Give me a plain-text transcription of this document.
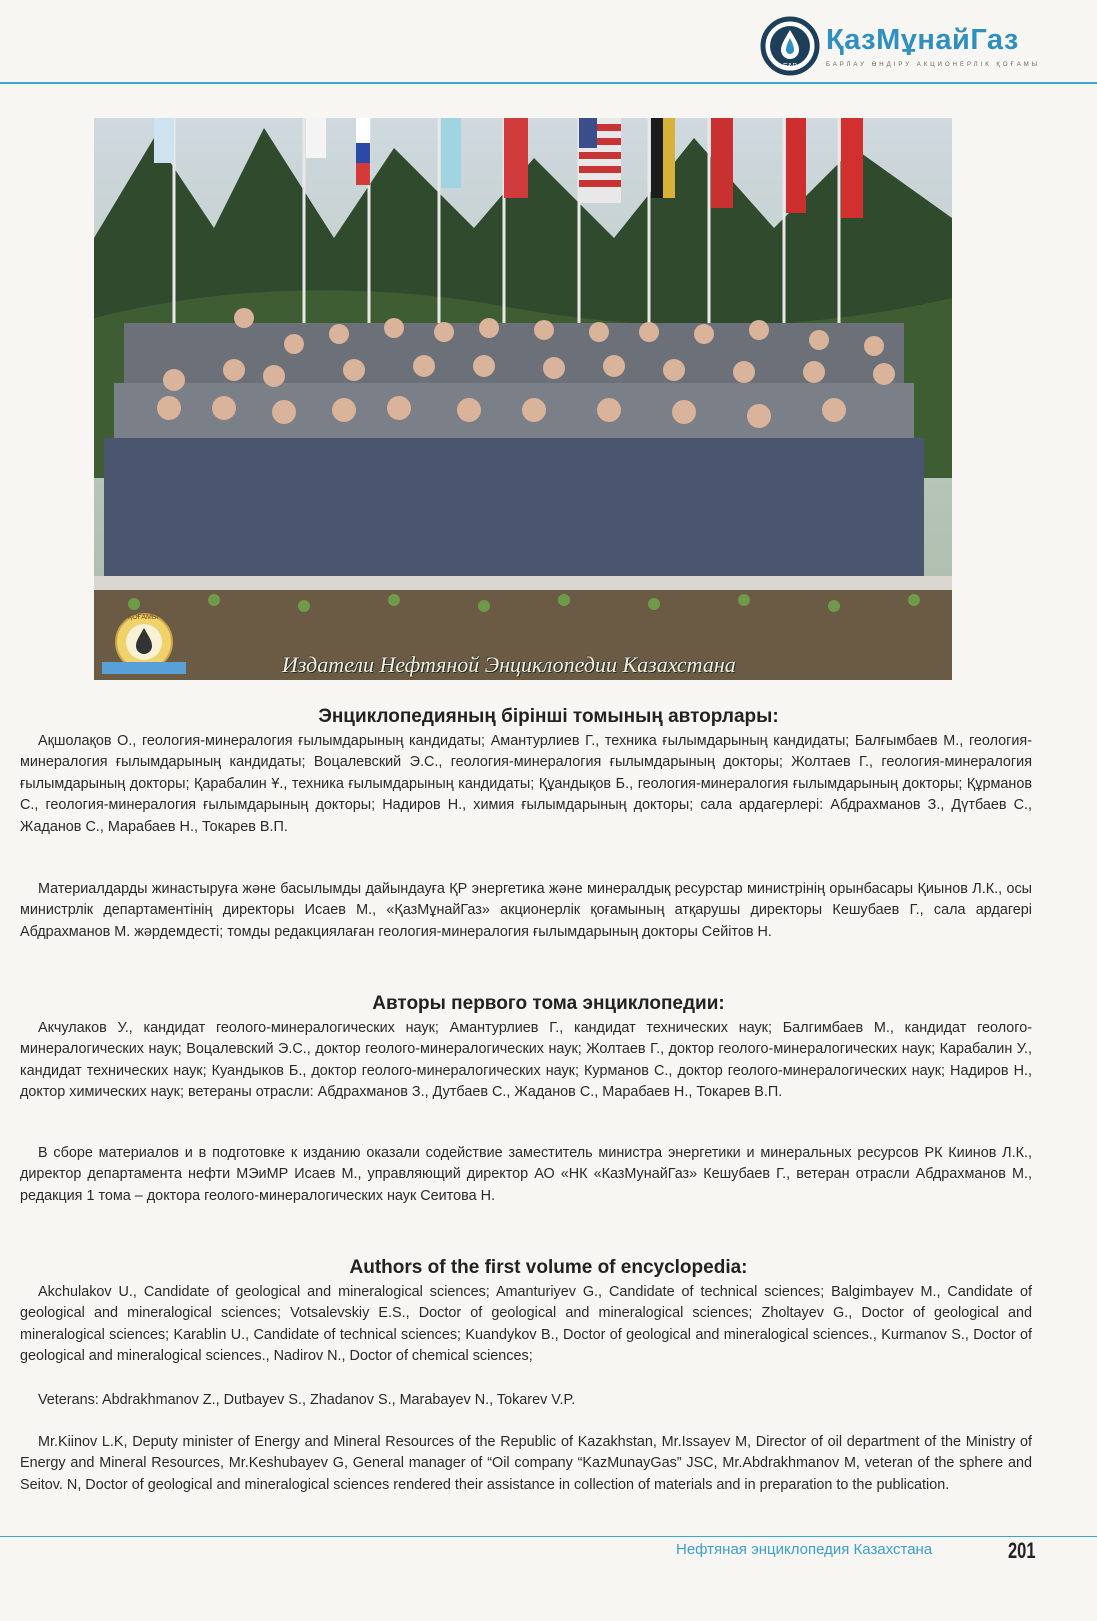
E&P
ҚазМұнайГаз
БАРЛАУ ӨНДІРУ АКЦИОНЕРЛІК ҚОҒАМЫ
ҚОҒАМЫ
Издатели Нефтяной Энциклопедии Казахстана
Энциклопедияның бірінші томының авторлары:
Ақшолақов О., геология-минералогия ғылымдарының кандидаты; Амантурлиев Г., техника ғылымдарының кандидаты; Балғымбаев М., геология-минералогия ғылымдарының кандидаты; Воцалевский Э.С., геология-минералогия ғылымдарының докторы; Жолтаев Г., геология-минералогия ғылымдарының докторы; Қарабалин Ұ., техника ғылымдарының кандидаты; Құандықов Б., геология-минералогия ғылымдарының докторы; Құрманов С., геология-минералогия ғылымдарының докторы; Надиров Н., химия ғылымдарының докторы; сала ардагерлері: Абдрахманов З., Дүтбаев С., Жаданов С., Марабаев Н., Токарев В.П.
Материалдарды жинастыруға және басылымды дайындауға ҚР энергетика және минералдық ресурстар министрінің орынбасары Қиынов Л.К., осы министрлік департаментінің директоры Исаев М., «ҚазМұнайГаз» акционерлік қоғамының атқарушы директоры Кешубаев Г., сала ардагері Абдрахманов М. жәрдемдесті; томды редакциялаған геология-минералогия ғылымдарының докторы Сейітов Н.
Авторы первого тома энциклопедии:
Акчулаков У., кандидат геолого-минералогических наук; Амантурлиев Г., кандидат технических наук; Балгимбаев М., кандидат геолого-минералогических наук; Воцалевский Э.С., доктор геолого-минералогических наук; Жолтаев Г., доктор геолого-минералогических наук; Карабалин У., кандидат технических наук; Куандыков Б., доктор геолого-минералогических наук; Курманов С., доктор геолого-минералогических наук; Надиров Н., доктор химических наук; ветераны отрасли: Абдрахманов З., Дутбаев С., Жаданов С., Марабаев Н., Токарев В.П.
В сборе материалов и в подготовке к изданию оказали содействие заместитель министра энергетики и минеральных ресурсов РК Киинов Л.К., директор департамента нефти МЭиМР Исаев М., управляющий директор АО «НК «КазМунайГаз» Кешубаев Г., ветеран отрасли Абдрахманов М., редакция 1 тома – доктора геолого-минералогических наук Сеитова Н.
Authors of the first volume of encyclopedia:
Akchulakov U., Candidate of geological and mineralogical sciences; Amanturiyev G., Candidate of technical sciences; Balgimbayev M., Candidate of geological and mineralogical sciences; Votsalevskiy E.S., Doctor of geological and mineralogical sciences; Zholtayev G., Doctor of geological and mineralogical sciences; Karablin U., Candidate of technical sciences; Kuandykov B., Doctor of geological and mineralogical sciences., Kurmanov S., Doctor of geological and mineralogical sciences., Nadirov N., Doctor of chemical sciences;
Veterans: Abdrakhmanov Z., Dutbayev S., Zhadanov S., Marabayev N., Tokarev V.P.
Mr.Kiinov L.K, Deputy minister of Energy and Mineral Resources of the Republic of Kazakhstan, Mr.Issayev M, Director of oil department of the Ministry of Energy and Mineral Resources, Mr.Keshubayev G, General manager of “Oil company “KazMunayGas” JSC, Mr.Abdrakhmanov M, veteran of the sphere and Seitov. N, Doctor of geological and mineralogical sciences rendered their assistance in collection of materials and in preparation to the publication.
Нефтяная энциклопедия Казахстана	201
